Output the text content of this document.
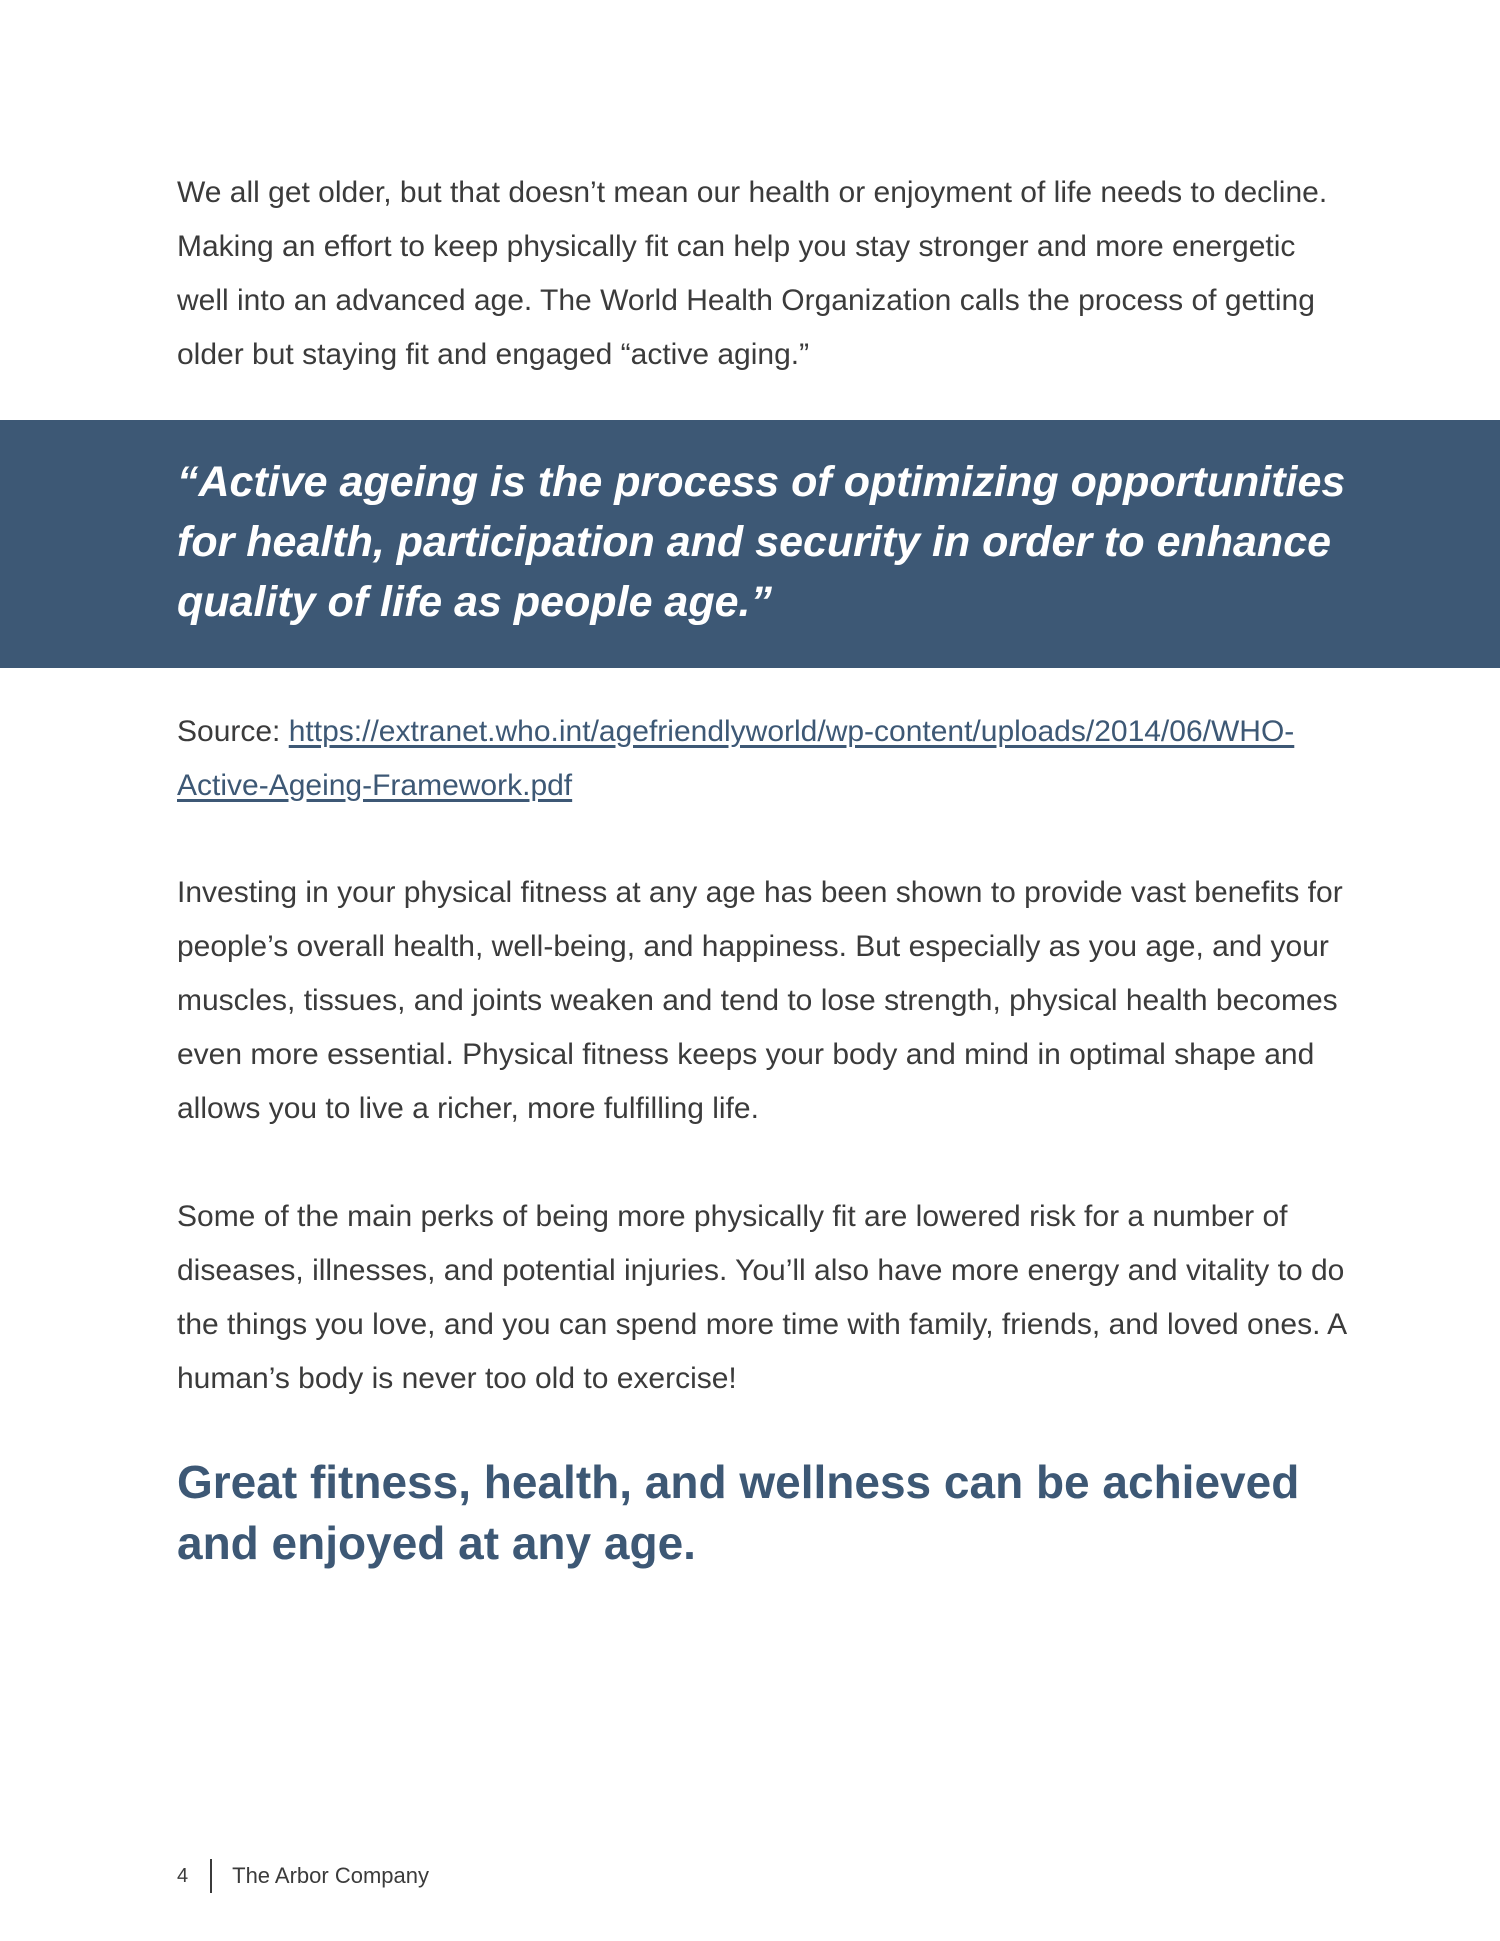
We all get older, but that doesn’t mean our health or enjoyment of life needs to decline. Making an effort to keep physically fit can help you stay stronger and more energetic well into an advanced age. The World Health Organization calls the process of getting older but staying fit and engaged “active aging.”

“Active ageing is the process of optimizing opportunities for health, participation and security in order to enhance quality of life as people age.”

Source: https://extranet.who.int/agefriendlyworld/wp-content/uploads/2014/06/WHO-Active-Ageing-Framework.pdf

Investing in your physical fitness at any age has been shown to provide vast benefits for people’s overall health, well-being, and happiness. But especially as you age, and your muscles, tissues, and joints weaken and tend to lose strength, physical health becomes even more essential. Physical fitness keeps your body and mind in optimal shape and allows you to live a richer, more fulfilling life.

Some of the main perks of being more physically fit are lowered risk for a number of diseases, illnesses, and potential injuries. You’ll also have more energy and vitality to do the things you love, and you can spend more time with family, friends, and loved ones. A human’s body is never too old to exercise!

Great fitness, health, and wellness can be achieved and enjoyed at any age.
4 The Arbor Company
